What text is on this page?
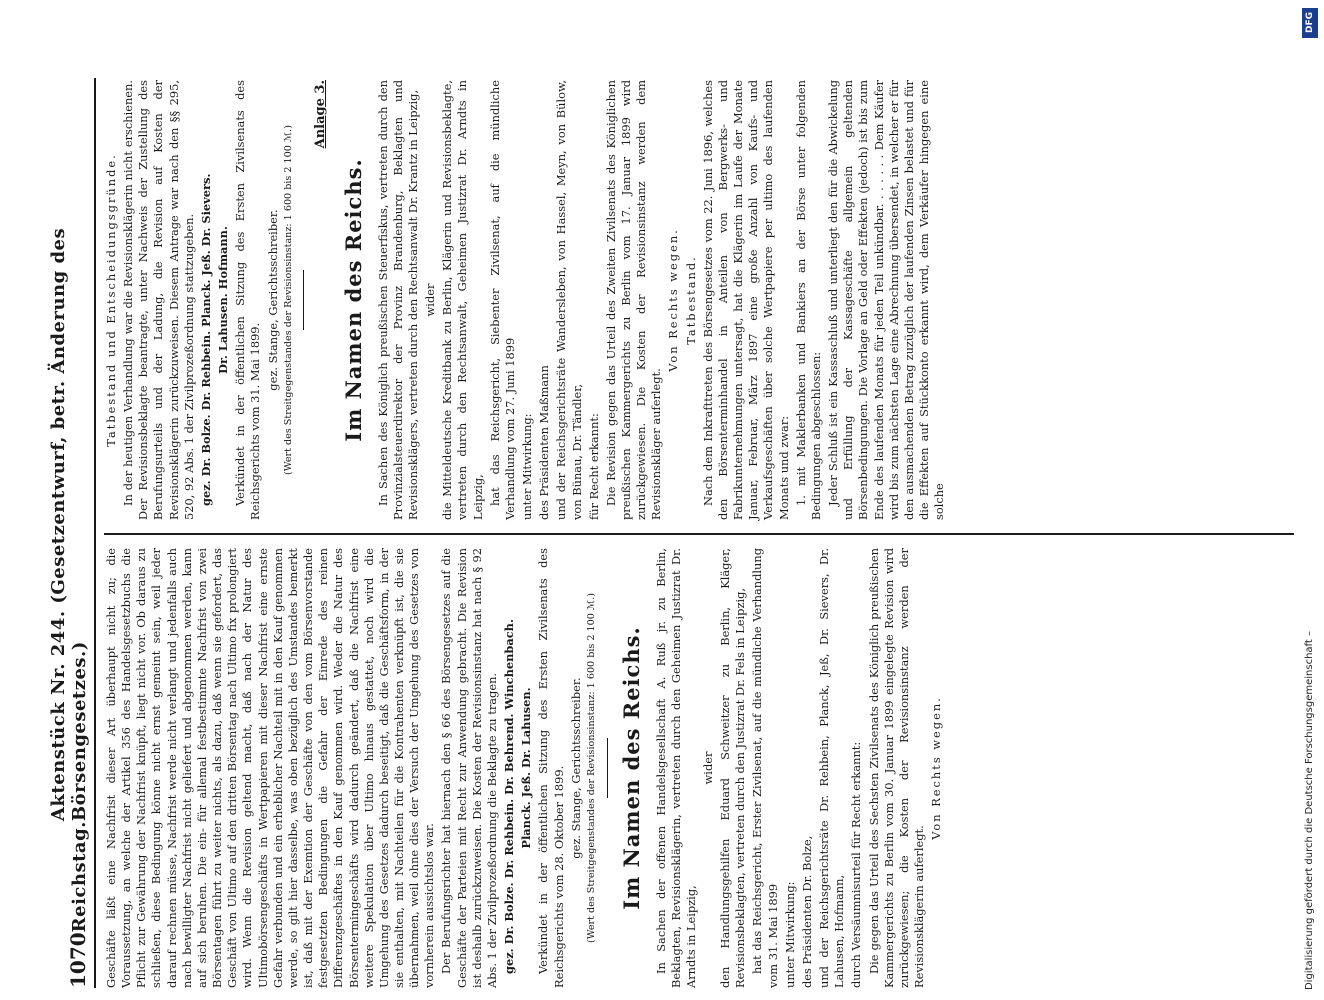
1070
Reichstag.
Aktenstück Nr. 244. (Gesetzentwurf, betr. Änderung des Börsengesetzes.) Geschäfte läßt eine Nachfrist dieser Art überhaupt nicht zu; die Voraussetzung, an welche der Artikel 356 des Handelsgesetzbuchs die Pflicht zur Gewährung der Nachfrist knüpft, liegt nicht vor. Ob daraus zu schließen, diese Bedingung könne nicht ernst gemeint sein, weil jeder darauf rechnen müsse, Nachfrist werde nicht verlangt und jedenfalls auch nach bewilligter Nachfrist nicht geliefert und abgenommen werden, kann auf sich beruhen. Die ein- für allemal festbestimmte Nachfrist von zwei Börsentagen führt zu weiter nichts, als dazu, daß wenn sie gefordert, das Geschäft von Ultimo auf den dritten Börsentag nach Ultimo fix prolongiert wird. Wenn die Revision geltend macht, daß nach der Natur des Ultimobörsengeschäfts in Wertpapieren mit dieser Nachfrist eine ernste Gefahr verbunden und ein erheblicher Nachteil mit in den Kauf genommen werde, so gilt hier dasselbe, was oben bezüglich des Umstandes bemerkt ist, daß mit der Exemtion der Geschäfte von den vom Börsenvorstande festgesetzten Bedingungen die Gefahr der Einrede des reinen Differenzgeschäftes in den Kauf genommen wird. Weder die Natur des Börsentermingeschäfts wird dadurch geändert, daß die Nachfrist eine weitere Spekulation über Ultimo hinaus gestattet, noch wird die Umgehung des Gesetzes dadurch beseitigt, daß die Geschäftsform, in der sie enthalten, mit Nachteilen für die Kontrahenten verknüpft ist, die sie übernahmen, weil ohne dies der Versuch der Umgehung des Gesetzes von vornherein aussichtslos war. Der Berufungsrichter hat hiernach den § 66 des Börsengesetzes auf die Geschäfte der Parteien mit Recht zur Anwendung gebracht. Die Revision ist deshalb zurückzuweisen. Die Kosten der Revisionsinstanz hat nach § 92 Abs. 1 der Zivilprozeßordnung die Beklagte zu tragen. gez. Dr. Bolze. Dr. Rehbein. Dr. Behrend. Winchenbach. Planck. Jeß. Dr. Lahusen. Verkündet in der öffentlichen Sitzung des Ersten Zivilsenats des Reichsgerichts vom 28. Oktober 1899. gez. Stange, Gerichtsschreiber. (Wert des Streitgegenstandes der Revisionsinstanz: 1 600 bis 2 100 ℳ.) Im Namen des Reichs. In Sachen der offenen Handelsgesellschaft A. Ruß jr. zu Berlin, Beklagten, Revisionsklägerin, vertreten durch den Geheimen Justizrat Dr. Arndts in Leipzig,

wider den Handlungsgehilfen Eduard Schweitzer zu Berlin, Kläger, Revisionsbeklagten, vertreten durch den Justizrat Dr. Fels in Leipzig, hat das Reichsgericht, Erster Zivilsenat, auf die mündliche Verhandlung vom 31. Mai 1899 unter Mitwirkung: des Präsidenten Dr. Bolze, und der Reichsgerichtsräte Dr. Rehbein, Planck, Jeß, Dr. Sievers, Dr. Lahusen, Hofmann, durch Versäumnisurteil für Recht erkannt: Die gegen das Urteil des Sechsten Zivilsenats des Königlich preußischen Kammergerichts zu Berlin vom 30. Januar 1899 eingelegte Revision wird zurückgewiesen; die Kosten der Revisionsinstanz werden der Revisionsklägerin auferlegt.

Von Rechts wegen.

Tatbestand und Entscheidungsgründe. In der heutigen Verhandlung war die Revisionsklägerin nicht erschienen. Der Revisionsbeklagte beantragte, unter Nachweis der Zustellung des Berufungsurteils und der Ladung, die Revision auf Kosten der Revisionsklägerin zurückzuweisen. Diesem Antrage war nach den §§ 295, 520, 92 Abs. 1 der Zivilprozeßordnung stattzugeben. gez. Dr. Bolze. Dr. Rehbein. Planck. Jeß. Dr. Sievers. Dr. Lahusen. Hofmann. Verkündet in der öffentlichen Sitzung des Ersten Zivilsenats des Reichsgerichts vom 31. Mai 1899.

gez. Stange, Gerichtsschreiber. (Wert des Streitgegenstandes der Revisionsinstanz: 1 600 bis 2 100 ℳ.)

Anlage 3.
Im Namen des Reichs. In Sachen des Königlich preußischen Steuerfiskus, vertreten durch den Provinzialsteuerdirektor der Provinz Brandenburg, Beklagten und Revisionsklägers, vertreten durch den Rechtsanwalt Dr. Krantz in Leipzig, wider die Mitteldeutsche Kreditbank zu Berlin, Klägerin und Revisionsbeklagte, vertreten durch den Rechtsanwalt, Geheimen Justizrat Dr. Arndts in Leipzig, hat das Reichsgericht, Siebenter Zivilsenat, auf die mündliche Verhandlung vom 27. Juni 1899 unter Mitwirkung: des Präsidenten Maßmann und der Reichsgerichtsräte Wandersleben, von Hassel, Meyn, von Bülow, von Bünau, Dr. Tändler, für Recht erkannt: Die Revision gegen das Urteil des Zweiten Zivilsenats des Königlichen preußischen Kammergerichts zu Berlin vom 17. Januar 1899 wird zurückgewiesen. Die Kosten der Revisionsinstanz werden dem Revisionskläger auferlegt.

Von Rechts wegen. Tatbestand. Nach dem Inkrafttreten des Börsengesetzes vom 22. Juni 1896, welches den Börsenterminhandel in Anteilen von Bergwerks- und Fabrikunternehmungen untersagt, hat die Klägerin im Laufe der Monate Januar, Februar, März 1897 eine große Anzahl von Kaufs- und Verkaufsgeschäften über solche Wertpapiere per ultimo des laufenden Monats und zwar: 1. mit Maklerbanken und Bankiers an der Börse unter folgenden Bedingungen abgeschlossen: Jeder Schluß ist ein Kassaschluß und unterliegt den für die Abwickelung und Erfüllung der Kassageschäfte allgemein geltenden Börsenbedingungen. Die Vorlage an Geld oder Effekten (jedoch) ist bis zum Ende des laufenden Monats für jeden Teil unkündbar. . . . . . . Dem Käufer wird bis zum nächsten Lage eine Abrechnung übersendet, in welcher er für den ausmachenden Betrag zuzüglich der laufenden Zinsen belastet und für die Effekten auf Stückkonto erkannt wird, dem Verkäufer hingegen eine solche

DFG
Digitalisierung gefördert durch die Deutsche Forschungsgemeinschaft –
